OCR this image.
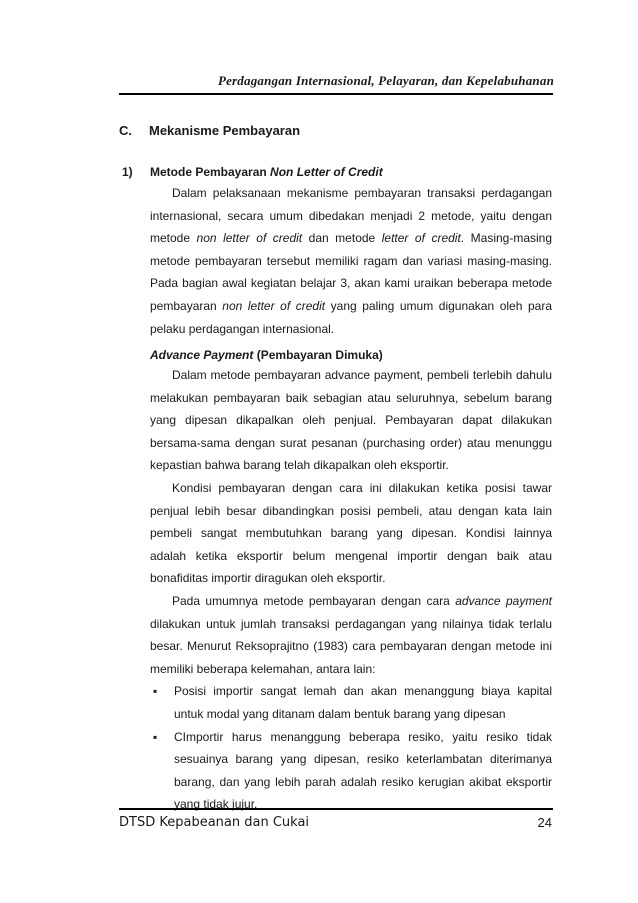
Perdagangan Internasional, Pelayaran, dan Kepelabuhanan
C. Mekanisme Pembayaran
1) Metode Pembayaran Non Letter of Credit

Dalam pelaksanaan mekanisme pembayaran transaksi perdagangan internasional, secara umum dibedakan menjadi 2 metode, yaitu dengan metode non letter of credit dan metode letter of credit. Masing-masing metode pembayaran tersebut memiliki ragam dan variasi masing-masing. Pada bagian awal kegiatan belajar 3, akan kami uraikan beberapa metode pembayaran non letter of credit yang paling umum digunakan oleh para pelaku perdagangan internasional.

Advance Payment (Pembayaran Dimuka)

Dalam metode pembayaran advance payment, pembeli terlebih dahulu melakukan pembayaran baik sebagian atau seluruhnya, sebelum barang yang dipesan dikapalkan oleh penjual. Pembayaran dapat dilakukan bersama-sama dengan surat pesanan (purchasing order) atau menunggu kepastian bahwa barang telah dikapalkan oleh eksportir.

Kondisi pembayaran dengan cara ini dilakukan ketika posisi tawar penjual lebih besar dibandingkan posisi pembeli, atau dengan kata lain pembeli sangat membutuhkan barang yang dipesan. Kondisi lainnya adalah ketika eksportir belum mengenal importir dengan baik atau bonafiditas importir diragukan oleh eksportir.

Pada umumnya metode pembayaran dengan cara advance payment dilakukan untuk jumlah transaksi perdagangan yang nilainya tidak terlalu besar. Menurut Reksoprajitno (1983) cara pembayaran dengan metode ini memiliki beberapa kelemahan, antara lain:

▪ Posisi importir sangat lemah dan akan menanggung biaya kapital untuk modal yang ditanam dalam bentuk barang yang dipesan
▪ CImportir harus menanggung beberapa resiko, yaitu resiko tidak sesuainya barang yang dipesan, resiko keterlambatan diterimanya barang, dan yang lebih parah adalah resiko kerugian akibat eksportir yang tidak jujur.
DTSD Kepabeanan dan Cukai	24
